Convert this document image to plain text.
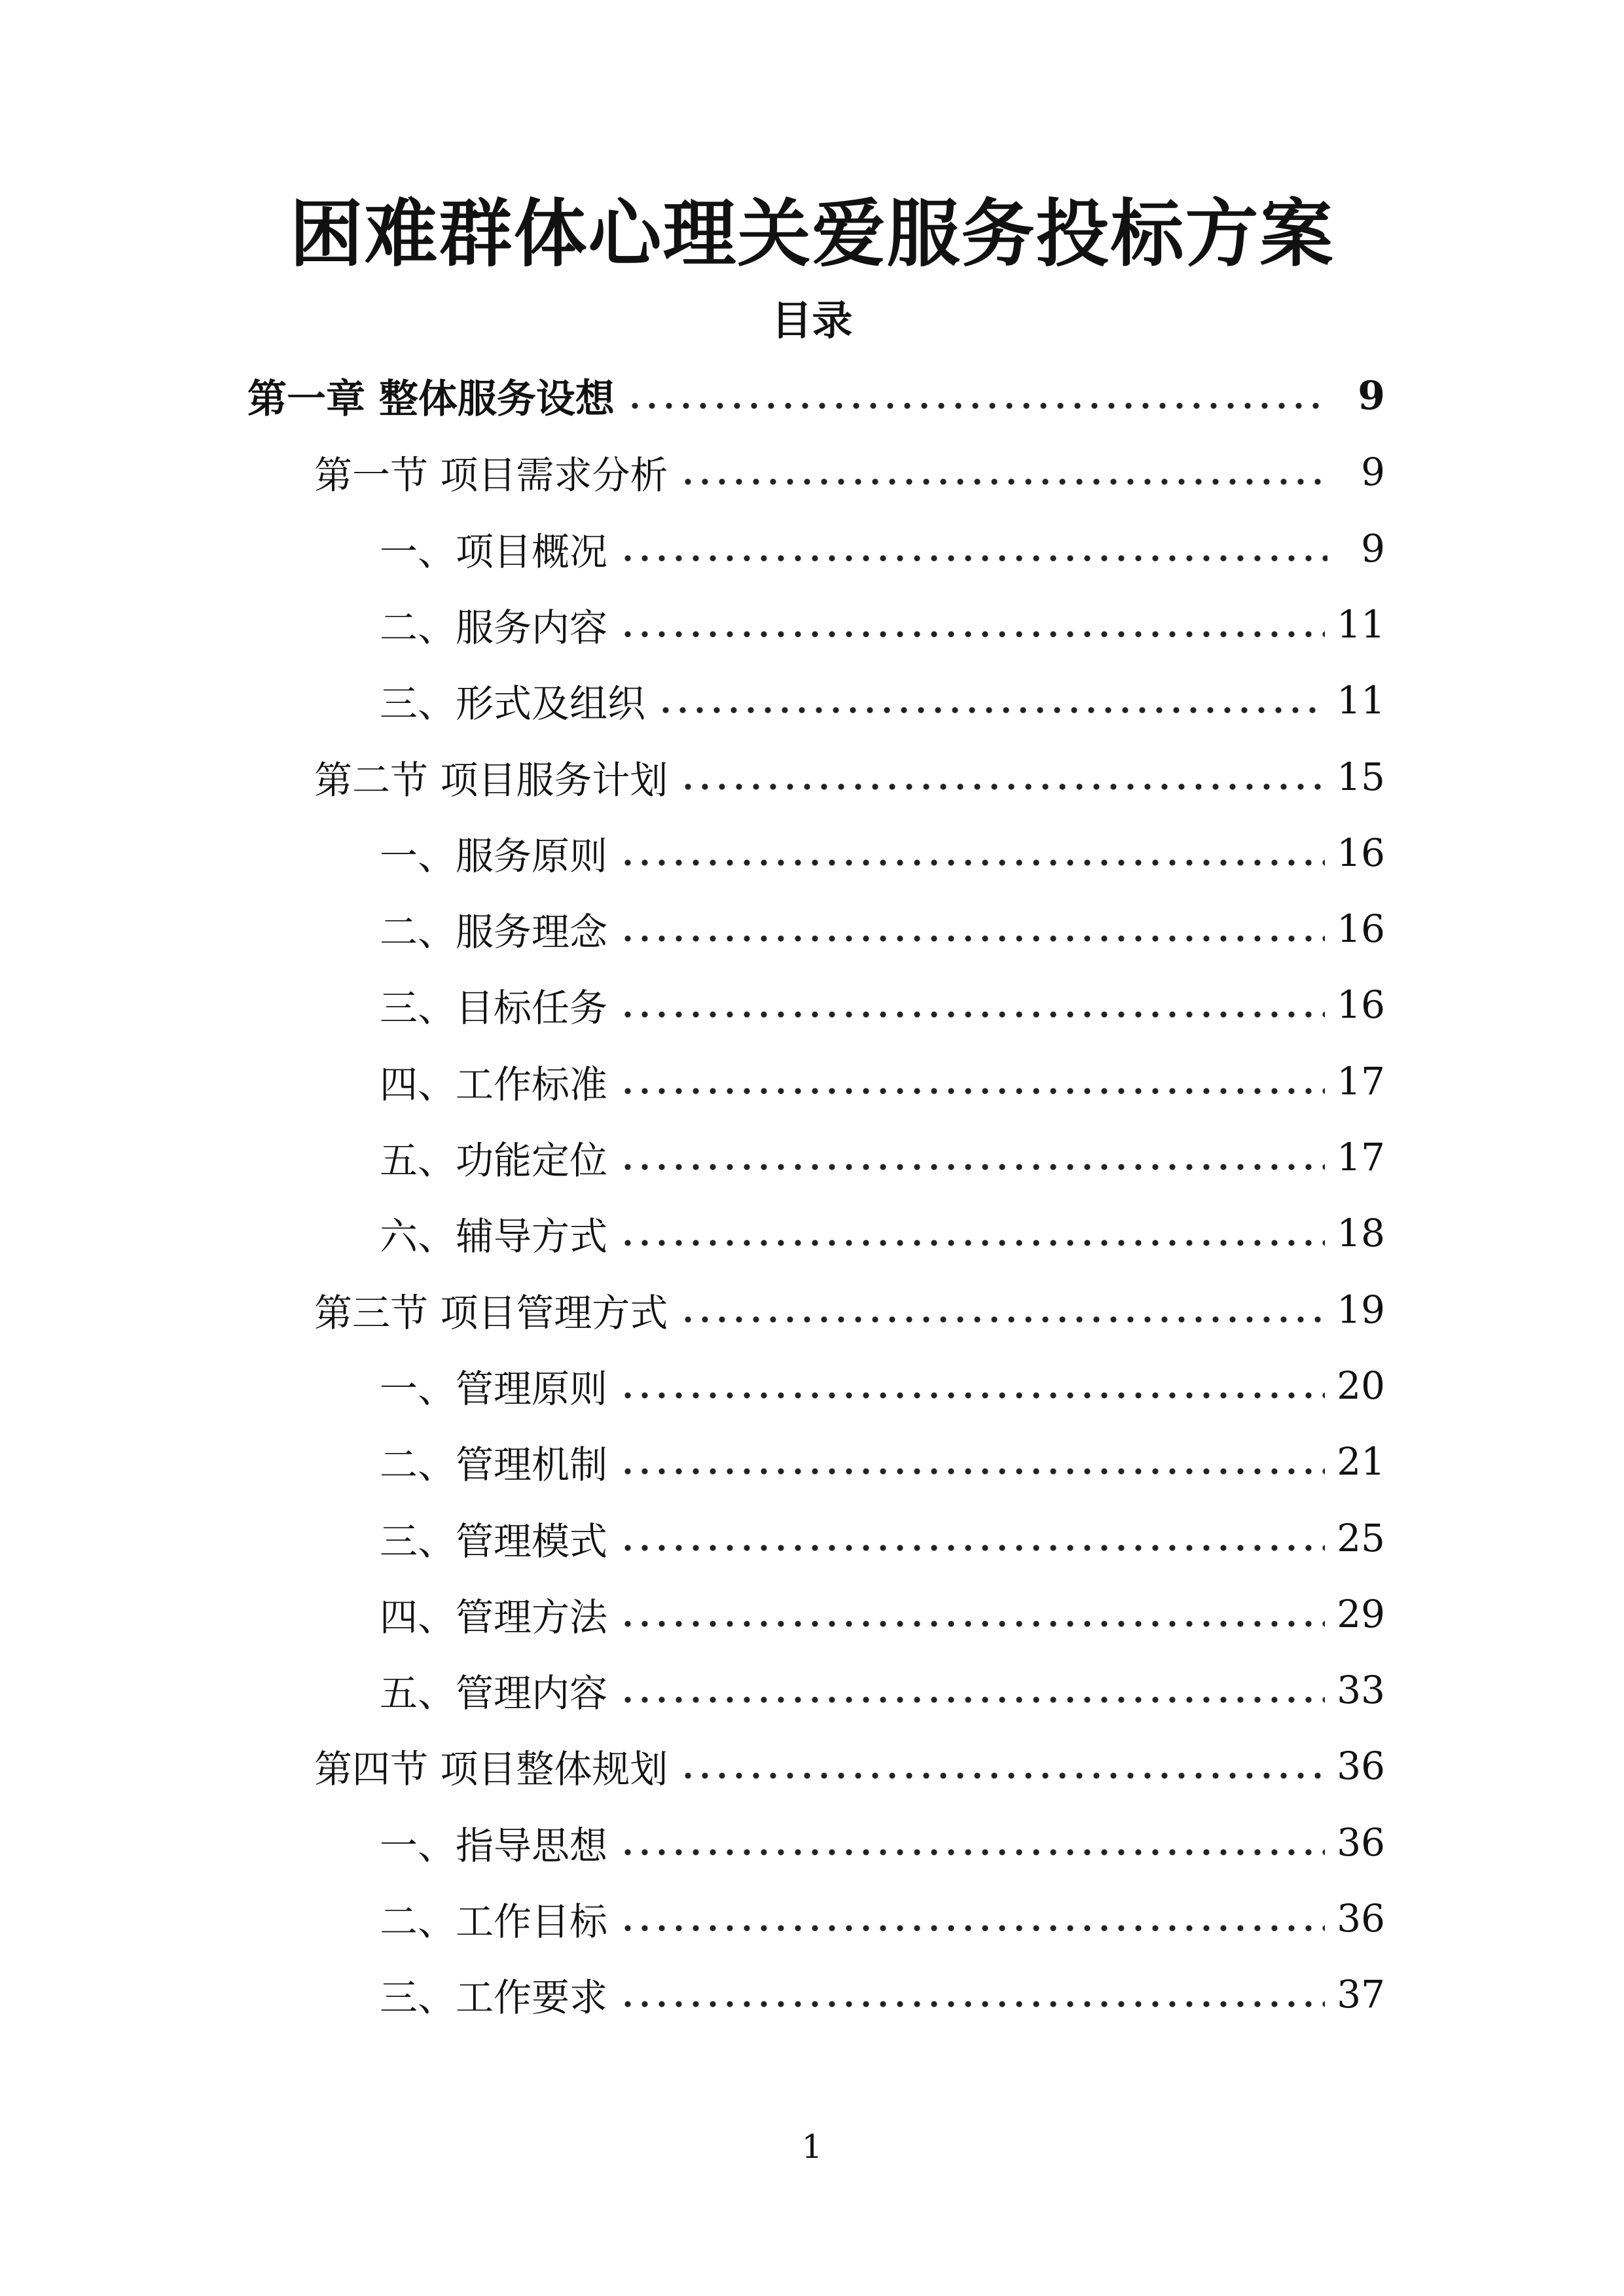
困难群体心理关爱服务投标方案
目录
第一章 整体服务设想	9
第一节 项目需求分析	9
一、项目概况	9
二、服务内容	11
三、形式及组织	11
第二节 项目服务计划	15
一、服务原则	16
二、服务理念	16
三、目标任务	16
四、工作标准	17
五、功能定位	17
六、辅导方式	18
第三节 项目管理方式	19
一、管理原则	20
二、管理机制	21
三、管理模式	25
四、管理方法	29
五、管理内容	33
第四节 项目整体规划	36
一、指导思想	36
二、工作目标	36
三、工作要求	37
1
